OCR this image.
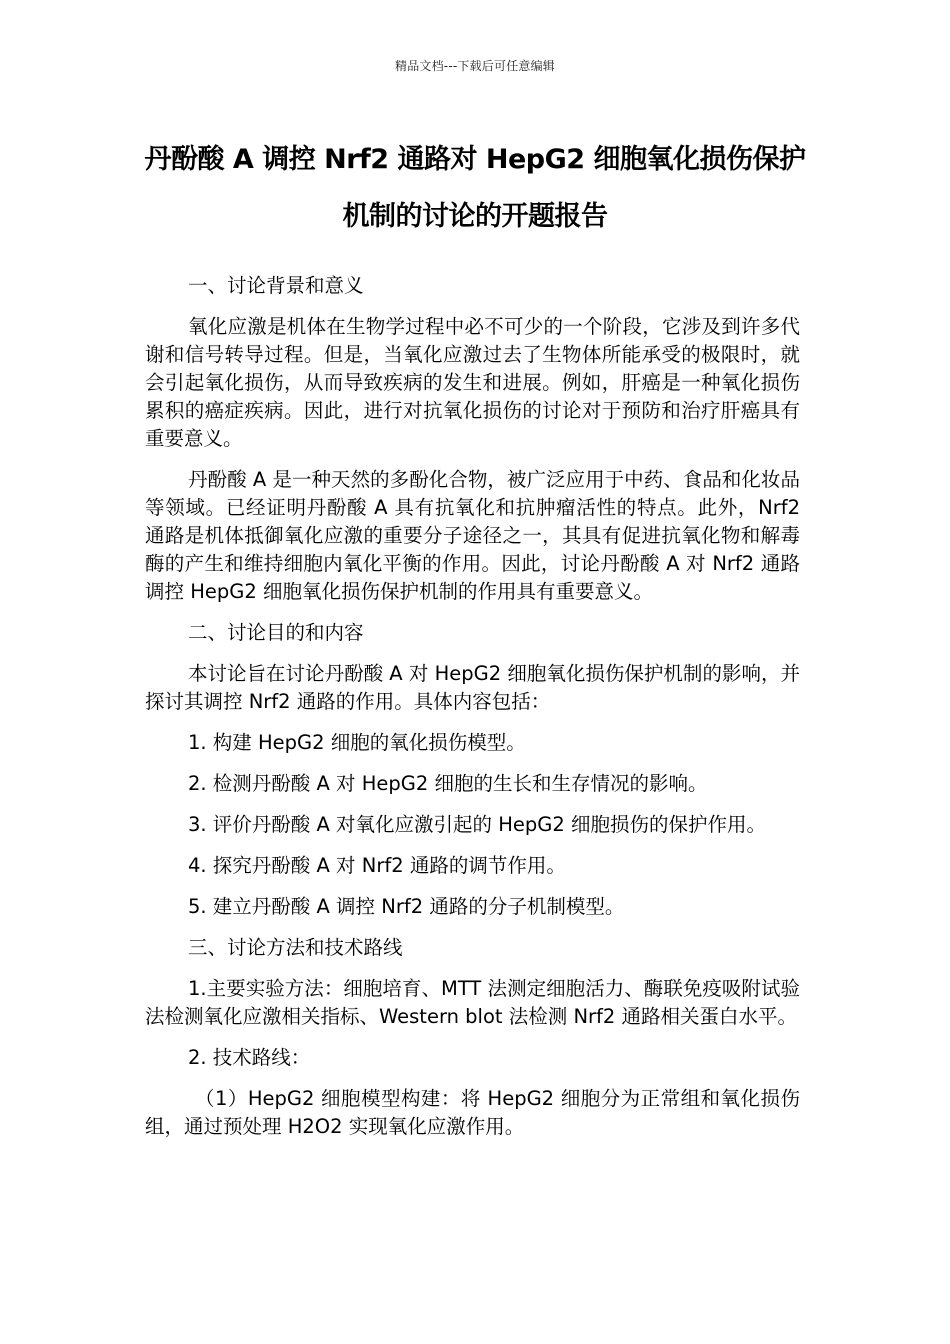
精品文档---下载后可任意编辑
丹酚酸 A 调控 Nrf2 通路对 HepG2 细胞氧化损伤保护
机制的讨论的开题报告

一、讨论背景和意义

氧化应激是机体在生物学过程中必不可少的一个阶段，它涉及到许多代谢和信号转导过程。但是，当氧化应激过去了生物体所能承受的极限时，就会引起氧化损伤，从而导致疾病的发生和进展。例如，肝癌是一种氧化损伤累积的癌症疾病。因此，进行对抗氧化损伤的讨论对于预防和治疗肝癌具有重要意义。

丹酚酸 A 是一种天然的多酚化合物，被广泛应用于中药、食品和化妆品等领域。已经证明丹酚酸 A 具有抗氧化和抗肿瘤活性的特点。此外，Nrf2 通路是机体抵御氧化应激的重要分子途径之一，其具有促进抗氧化物和解毒酶的产生和维持细胞内氧化平衡的作用。因此，讨论丹酚酸 A 对 Nrf2 通路调控 HepG2 细胞氧化损伤保护机制的作用具有重要意义。

二、讨论目的和内容

本讨论旨在讨论丹酚酸 A 对 HepG2 细胞氧化损伤保护机制的影响，并探讨其调控 Nrf2 通路的作用。具体内容包括：

1. 构建 HepG2 细胞的氧化损伤模型。

2. 检测丹酚酸 A 对 HepG2 细胞的生长和生存情况的影响。

3. 评价丹酚酸 A 对氧化应激引起的 HepG2 细胞损伤的保护作用。

4. 探究丹酚酸 A 对 Nrf2 通路的调节作用。

5. 建立丹酚酸 A 调控 Nrf2 通路的分子机制模型。

三、讨论方法和技术路线

1.主要实验方法：细胞培育、MTT 法测定细胞活力、酶联免疫吸附试验法检测氧化应激相关指标、Western blot 法检测 Nrf2 通路相关蛋白水平。

2. 技术路线：

（1）HepG2 细胞模型构建：将 HepG2 细胞分为正常组和氧化损伤组，通过预处理 H2O2 实现氧化应激作用。
